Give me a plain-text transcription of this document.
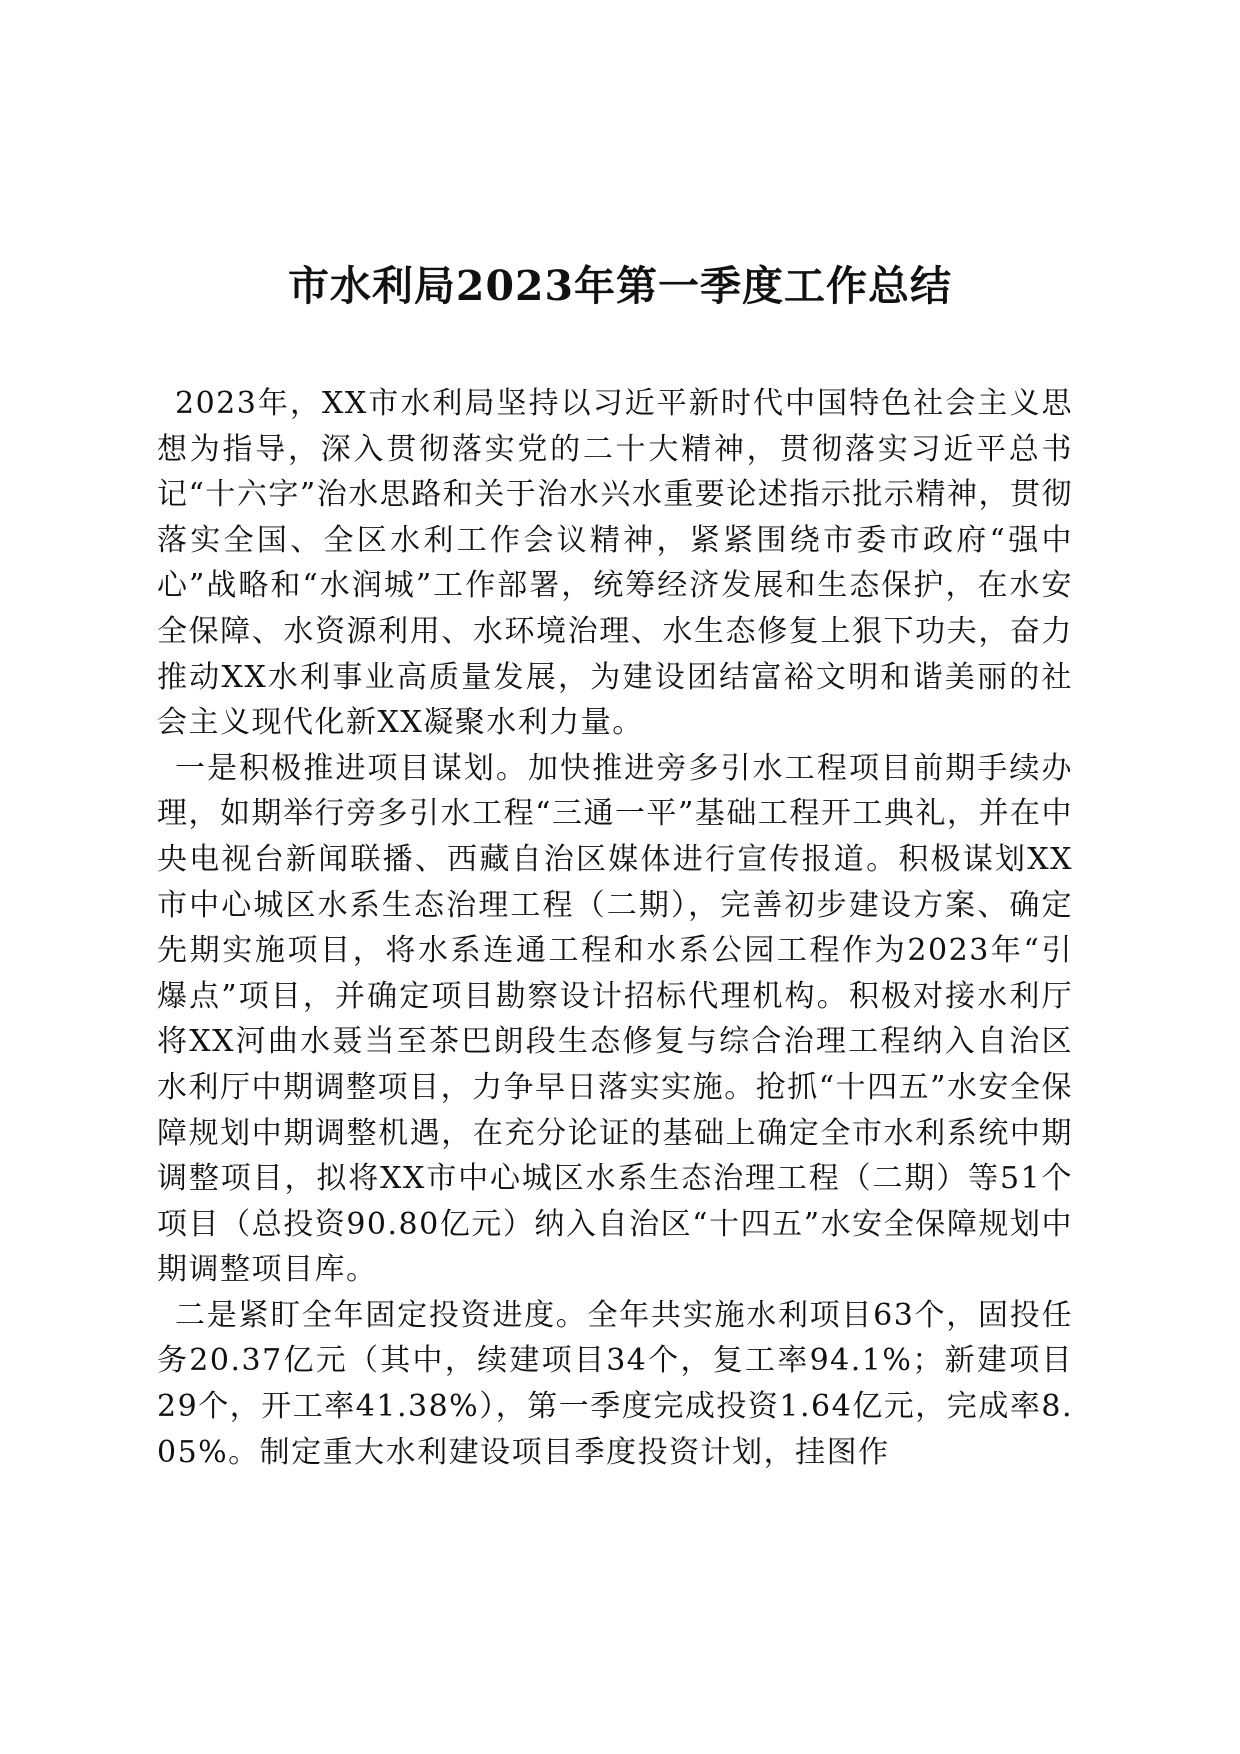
市水利局2023年第一季度工作总结

2023年，XX市水利局坚持以习近平新时代中国特色社会主义思想为指导，深入贯彻落实党的二十大精神，贯彻落实习近平总书记“十六字”治水思路和关于治水兴水重要论述指示批示精神，贯彻落实全国、全区水利工作会议精神，紧紧围绕市委市政府“强中心”战略和“水润城”工作部署，统筹经济发展和生态保护，在水安全保障、水资源利用、水环境治理、水生态修复上狠下功夫，奋力推动XX水利事业高质量发展，为建设团结富裕文明和谐美丽的社会主义现代化新XX凝聚水利力量。

一是积极推进项目谋划。加快推进旁多引水工程项目前期手续办理，如期举行旁多引水工程“三通一平”基础工程开工典礼，并在中央电视台新闻联播、西藏自治区媒体进行宣传报道。积极谋划XX市中心城区水系生态治理工程（二期），完善初步建设方案、确定先期实施项目，将水系连通工程和水系公园工程作为2023年“引爆点”项目，并确定项目勘察设计招标代理机构。积极对接水利厅将XX河曲水聂当至茶巴朗段生态修复与综合治理工程纳入自治区水利厅中期调整项目，力争早日落实实施。抢抓“十四五”水安全保障规划中期调整机遇，在充分论证的基础上确定全市水利系统中期调整项目，拟将XX市中心城区水系生态治理工程（二期）等51个项目（总投资90.80亿元）纳入自治区“十四五”水安全保障规划中期调整项目库。

二是紧盯全年固定投资进度。全年共实施水利项目63个，固投任务20.37亿元（其中，续建项目34个，复工率94.1%；新建项目29个，开工率41.38%），第一季度完成投资1.64亿元，完成率8.05%。制定重大水利建设项目季度投资计划，挂图作
